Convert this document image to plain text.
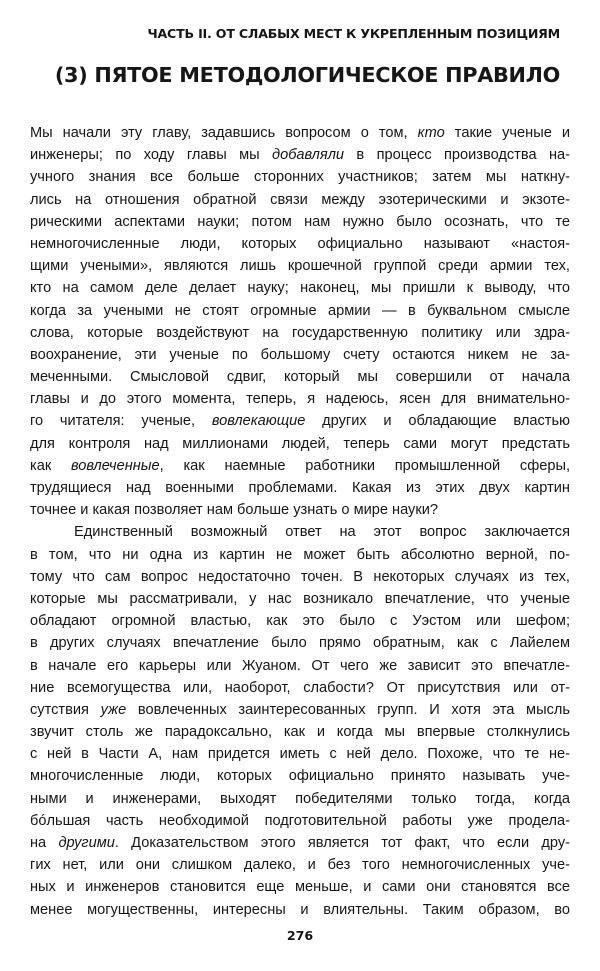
ЧАСТЬ II. ОТ СЛАБЫХ МЕСТ К УКРЕПЛЕННЫМ ПОЗИЦИЯМ
(3) ПЯТОЕ МЕТОДОЛОГИЧЕСКОЕ ПРАВИЛО
Мы начали эту главу, задавшись вопросом о том, кто такие ученые и
инженеры; по ходу главы мы добавляли в процесс производства на-
учного знания все больше сторонних участников; затем мы наткну-
лись на отношения обратной связи между эзотерическими и экзоте-
рическими аспектами науки; потом нам нужно было осознать, что те
немногочисленные люди, которых официально называют «настоя-
щими учеными», являются лишь крошечной группой среди армии тех,
кто на самом деле делает науку; наконец, мы пришли к выводу, что
когда за учеными не стоят огромные армии — в буквальном смысле
слова, которые воздействуют на государственную политику или здра-
воохранение, эти ученые по большому счету остаются никем не за-
меченными. Смысловой сдвиг, который мы совершили от начала
главы и до этого момента, теперь, я надеюсь, ясен для внимательно-
го читателя: ученые, вовлекающие других и обладающие властью
для контроля над миллионами людей, теперь сами могут предстать
как вовлеченные, как наемные работники промышленной сферы,
трудящиеся над военными проблемами. Какая из этих двух картин
точнее и какая позволяет нам больше узнать о мире науки?
Единственный возможный ответ на этот вопрос заключается
в том, что ни одна из картин не может быть абсолютно верной, по-
тому что сам вопрос недостаточно точен. В некоторых случаях из тех,
которые мы рассматривали, у нас возникало впечатление, что ученые
обладают огромной властью, как это было с Уэстом или шефом;
в других случаях впечатление было прямо обратным, как с Лайелем
в начале его карьеры или Жуаном. От чего же зависит это впечатле-
ние всемогущества или, наоборот, слабости? От присутствия или от-
сутствия уже вовлеченных заинтересованных групп. И хотя эта мысль
звучит столь же парадоксально, как и когда мы впервые столкнулись
с ней в Части А, нам придется иметь с ней дело. Похоже, что те не-
многочисленные люди, которых официально принято называть уче-
ными и инженерами, выходят победителями только тогда, когда
бóльшая часть необходимой подготовительной работы уже продела-
на другими. Доказательством этого является тот факт, что если дру-
гих нет, или они слишком далеко, и без того немногочисленных уче-
ных и инженеров становится еще меньше, и сами они становятся все
менее могущественны, интересны и влиятельны. Таким образом, во
276
